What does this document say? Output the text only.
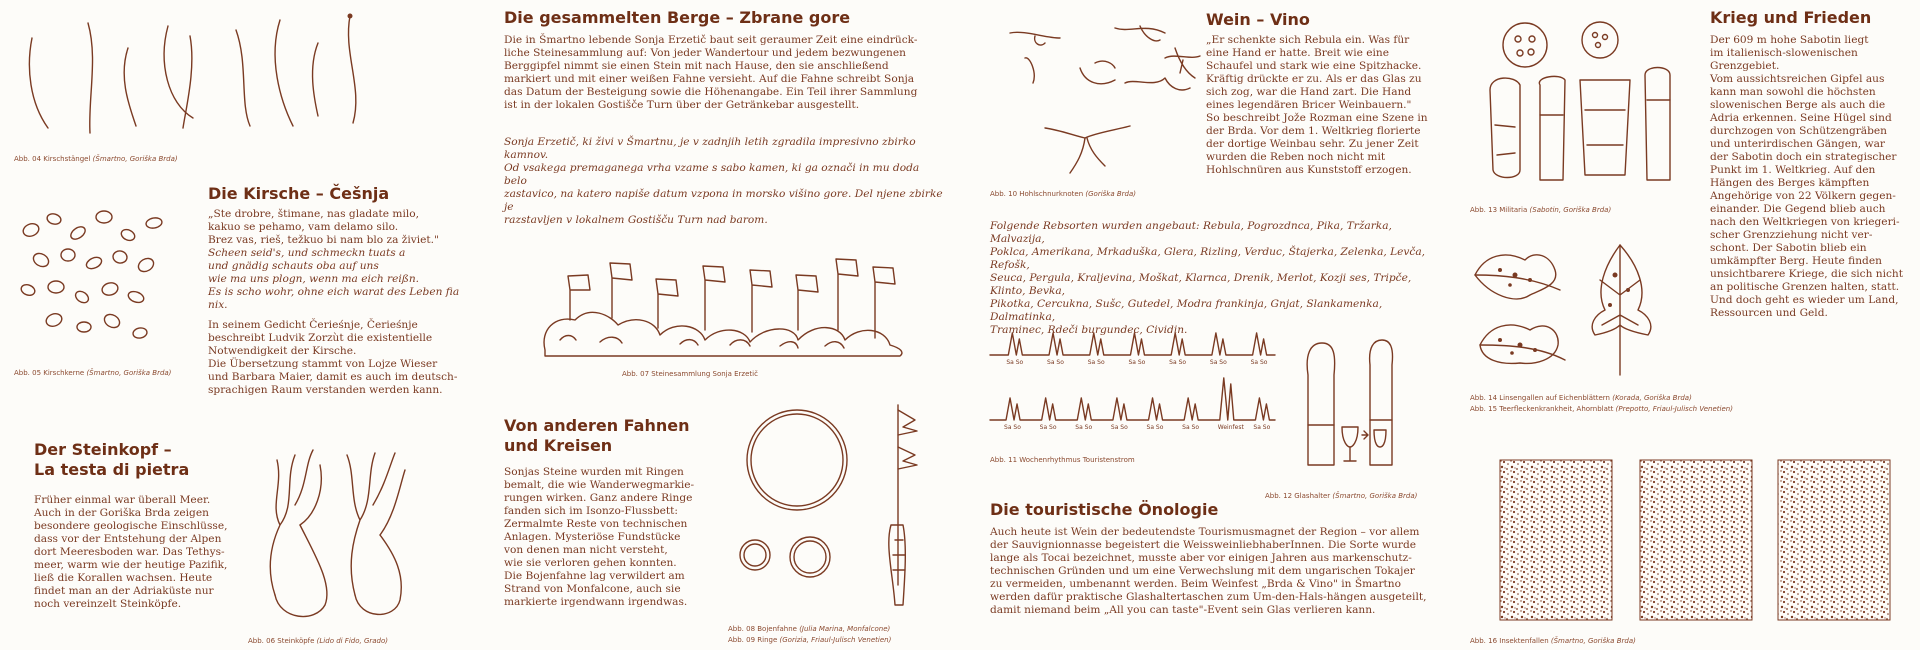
Abb. 04 Kirschstängel (Šmartno, Goriška Brda)
Die Kirsche – Češnja
„Ste drobre, štimane, nas gladate milo,
kakuo se pehamo, vam delamo silo.
Brez vas, rieš, težkuo bi nam blo za živiet."
Scheen seid's, und schmeckn tuats a
und gnädig schauts oba auf uns
wie ma uns plogn, wenn ma eich reißn.
Es is scho wohr, ohne eich warat des Leben fia nix.
In seinem Gedicht Čerieśnje, Čerieśnje
beschreibt Ludvik Zorzùt die existentielle
Notwendigkeit der Kirsche.
Die Übersetzung stammt von Lojze Wieser
und Barbara Maier, damit es auch im deutsch-
sprachigen Raum verstanden werden kann.
Abb. 05 Kirschkerne (Šmartno, Goriška Brda)
Der Steinkopf –
La testa di pietra
Früher einmal war überall Meer.
Auch in der Goriška Brda zeigen
besondere geologische Einschlüsse,
dass vor der Entstehung der Alpen
dort Meeresboden war. Das Tethys-
meer, warm wie der heutige Pazifik,
ließ die Korallen wachsen. Heute
findet man an der Adriaküste nur
noch vereinzelt Steinköpfe.
Abb. 06 Steinköpfe (Lido di Fido, Grado)
Die gesammelten Berge – Zbrane gore
Die in Šmartno lebende Sonja Erzetič baut seit geraumer Zeit eine eindrück-
liche Steinesammlung auf: Von jeder Wandertour und jedem bezwungenen
Berggipfel nimmt sie einen Stein mit nach Hause, den sie anschließend
markiert und mit einer weißen Fahne versieht. Auf die Fahne schreibt Sonja
das Datum der Besteigung sowie die Höhenangabe. Ein Teil ihrer Sammlung
ist in der lokalen Gostišče Turn über der Getränkebar ausgestellt.
Sonja Erzetič, ki živi v Šmartnu, je v zadnjih letih zgradila impresivno zbirko kamnov.
Od vsakega premaganega vrha vzame s sabo kamen, ki ga označi in mu doda belo
zastavico, na katero napiše datum vzpona in morsko višino gore. Del njene zbirke je
razstavljen v lokalnem Gostišču Turn nad barom.
Abb. 07 Steinesammlung Sonja Erzetič
Von anderen Fahnen
und Kreisen
Sonjas Steine wurden mit Ringen
bemalt, die wie Wanderwegmarkie-
rungen wirken. Ganz andere Ringe
fanden sich im Isonzo-Flussbett:
Zermalmte Reste von technischen
Anlagen. Mysteriöse Fundstücke
von denen man nicht versteht,
wie sie verloren gehen konnten.
Die Bojenfahne lag verwildert am
Strand von Monfalcone, auch sie
markierte irgendwann irgendwas.
Abb. 08 Bojenfahne (Julia Marina, Monfalcone)
Abb. 09 Ringe (Gorizia, Friaul-Julisch Venetien)
Abb. 10 Hohlschnurknoten (Goriška Brda)
Wein – Vino
„Er schenkte sich Rebula ein. Was für
eine Hand er hatte. Breit wie eine
Schaufel und stark wie eine Spitzhacke.
Kräftig drückte er zu. Als er das Glas zu
sich zog, war die Hand zart. Die Hand
eines legendären Bricer Weinbauern."
So beschreibt Jože Rozman eine Szene in
der Brda. Vor dem 1. Weltkrieg florierte
der dortige Weinbau sehr. Zu jener Zeit
wurden die Reben noch nicht mit
Hohlschnüren aus Kunststoff erzogen.
Folgende Rebsorten wurden angebaut: Rebula, Pogrozdnca, Pika, Tržarka, Malvazija,
Poklca, Amerikana, Mrkaduška, Glera, Rizling, Verduc, Štajerka, Zelenka, Levča, Refošk,
Seuca, Pergula, Kraljevina, Moškat, Klarnca, Drenik, Merlot, Kozji ses, Tripče, Klinto, Bevka,
Pikotka, Cercukna, Sušc, Gutedel, Modra frankinja, Gnjat, Slankamenka, Dalmatinka,
Traminec, Rdeči burgundec, Cividin.
Sa So	Sa So	Sa So	Sa So	Sa So	Sa So	Sa So
Sa So	Sa So	Sa So	Sa So	Sa So	Sa So	Weinfest Sa So
Abb. 11 Wochenrhythmus Touristenstrom
Abb. 12 Glashalter (Šmartno, Goriška Brda)
Die touristische Önologie
Auch heute ist Wein der bedeutendste Tourismusmagnet der Region – vor allem
der Sauvignionnasse begeistert die WeissweinliebhaberInnen. Die Sorte wurde
lange als Tocai bezeichnet, musste aber vor einigen Jahren aus markenschutz-
technischen Gründen und um eine Verwechslung mit dem ungarischen Tokajer
zu vermeiden, umbenannt werden. Beim Weinfest „Brda & Vino" in Šmartno
werden dafür praktische Glashaltertaschen zum Um-den-Hals-hängen ausgeteilt,
damit niemand beim „All you can taste"-Event sein Glas verlieren kann.
Abb. 13 Militaria (Sabotin, Goriška Brda)
Krieg und Frieden
Der 609 m hohe Sabotin liegt
im italienisch-slowenischen
Grenzgebiet.
Vom aussichtsreichen Gipfel aus
kann man sowohl die höchsten
slowenischen Berge als auch die
Adria erkennen. Seine Hügel sind
durchzogen von Schützengräben
und unterirdischen Gängen, war
der Sabotin doch ein strategischer
Punkt im 1. Weltkrieg. Auf den
Hängen des Berges kämpften
Angehörige von 22 Völkern gegen-
einander. Die Gegend blieb auch
nach den Weltkriegen von kriegeri-
scher Grenzziehung nicht ver-
schont. Der Sabotin blieb ein
umkämpfter Berg. Heute finden
unsichtbarere Kriege, die sich nicht
an politische Grenzen halten, statt.
Und doch geht es wieder um Land,
Ressourcen und Geld.
Abb. 14 Linsengallen auf Eichenblättern (Korada, Goriška Brda)
Abb. 15 Teerfleckenkrankheit, Ahornblatt (Prepotto, Friaul-Julisch Venetien)
Abb. 16 Insektenfallen (Šmartno, Goriška Brda)
